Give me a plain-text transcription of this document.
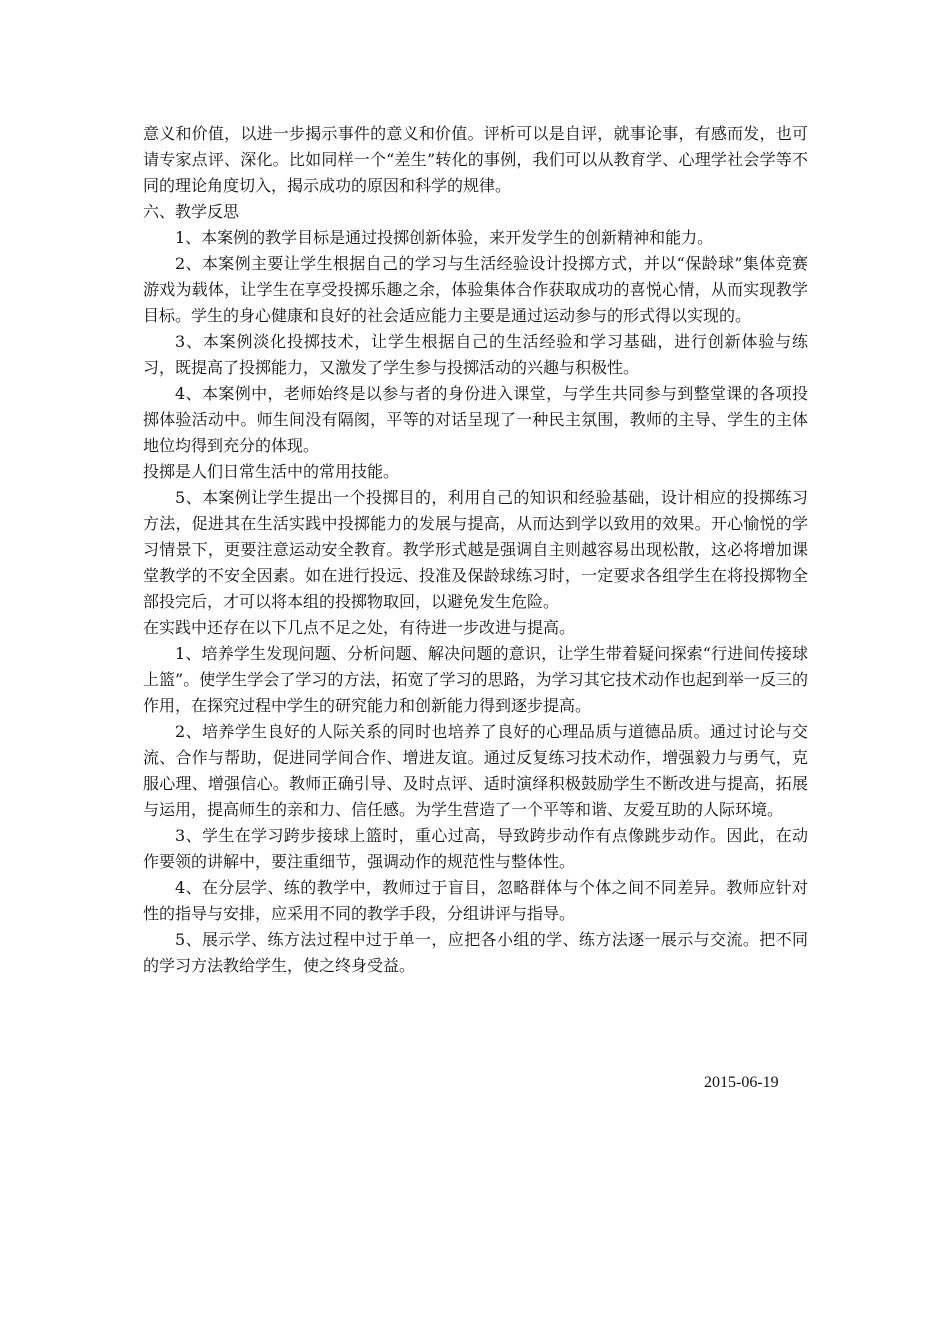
意义和价值，以进一步揭示事件的意义和价值。评析可以是自评，就事论事，有感而发，也可请专家点评、深化。比如同样一个“差生”转化的事例，我们可以从教育学、心理学社会学等不同的理论角度切入，揭示成功的原因和科学的规律。

六、教学反思

1、本案例的教学目标是通过投掷创新体验，来开发学生的创新精神和能力。

2、本案例主要让学生根据自己的学习与生活经验设计投掷方式，并以“保龄球”集体竞赛游戏为载体，让学生在享受投掷乐趣之余，体验集体合作获取成功的喜悦心情，从而实现教学目标。学生的身心健康和良好的社会适应能力主要是通过运动参与的形式得以实现的。

3、本案例淡化投掷技术，让学生根据自己的生活经验和学习基础，进行创新体验与练习，既提高了投掷能力，又激发了学生参与投掷活动的兴趣与积极性。

4、本案例中，老师始终是以参与者的身份进入课堂，与学生共同参与到整堂课的各项投掷体验活动中。师生间没有隔阂，平等的对话呈现了一种民主氛围，教师的主导、学生的主体地位均得到充分的体现。

投掷是人们日常生活中的常用技能。

5、本案例让学生提出一个投掷目的，利用自己的知识和经验基础，设计相应的投掷练习方法，促进其在生活实践中投掷能力的发展与提高，从而达到学以致用的效果。开心愉悦的学习情景下，更要注意运动安全教育。教学形式越是强调自主则越容易出现松散，这必将增加课堂教学的不安全因素。如在进行投远、投准及保龄球练习时，一定要求各组学生在将投掷物全部投完后，才可以将本组的投掷物取回，以避免发生危险。

在实践中还存在以下几点不足之处，有待进一步改进与提高。

1、培养学生发现问题、分析问题、解决问题的意识，让学生带着疑问探索“行进间传接球上篮”。使学生学会了学习的方法，拓宽了学习的思路，为学习其它技术动作也起到举一反三的作用，在探究过程中学生的研究能力和创新能力得到逐步提高。

2、培养学生良好的人际关系的同时也培养了良好的心理品质与道德品质。通过讨论与交流、合作与帮助，促进同学间合作、增进友谊。通过反复练习技术动作，增强毅力与勇气，克服心理、增强信心。教师正确引导、及时点评、适时演绎积极鼓励学生不断改进与提高，拓展与运用，提高师生的亲和力、信任感。为学生营造了一个平等和谐、友爱互助的人际环境。

3、学生在学习跨步接球上篮时，重心过高，导致跨步动作有点像跳步动作。因此，在动作要领的讲解中，要注重细节，强调动作的规范性与整体性。

4、在分层学、练的教学中，教师过于盲目，忽略群体与个体之间不同差异。教师应针对性的指导与安排，应采用不同的教学手段，分组讲评与指导。

5、展示学、练方法过程中过于单一，应把各小组的学、练方法逐一展示与交流。把不同的学习方法教给学生，使之终身受益。

2015-06-19
